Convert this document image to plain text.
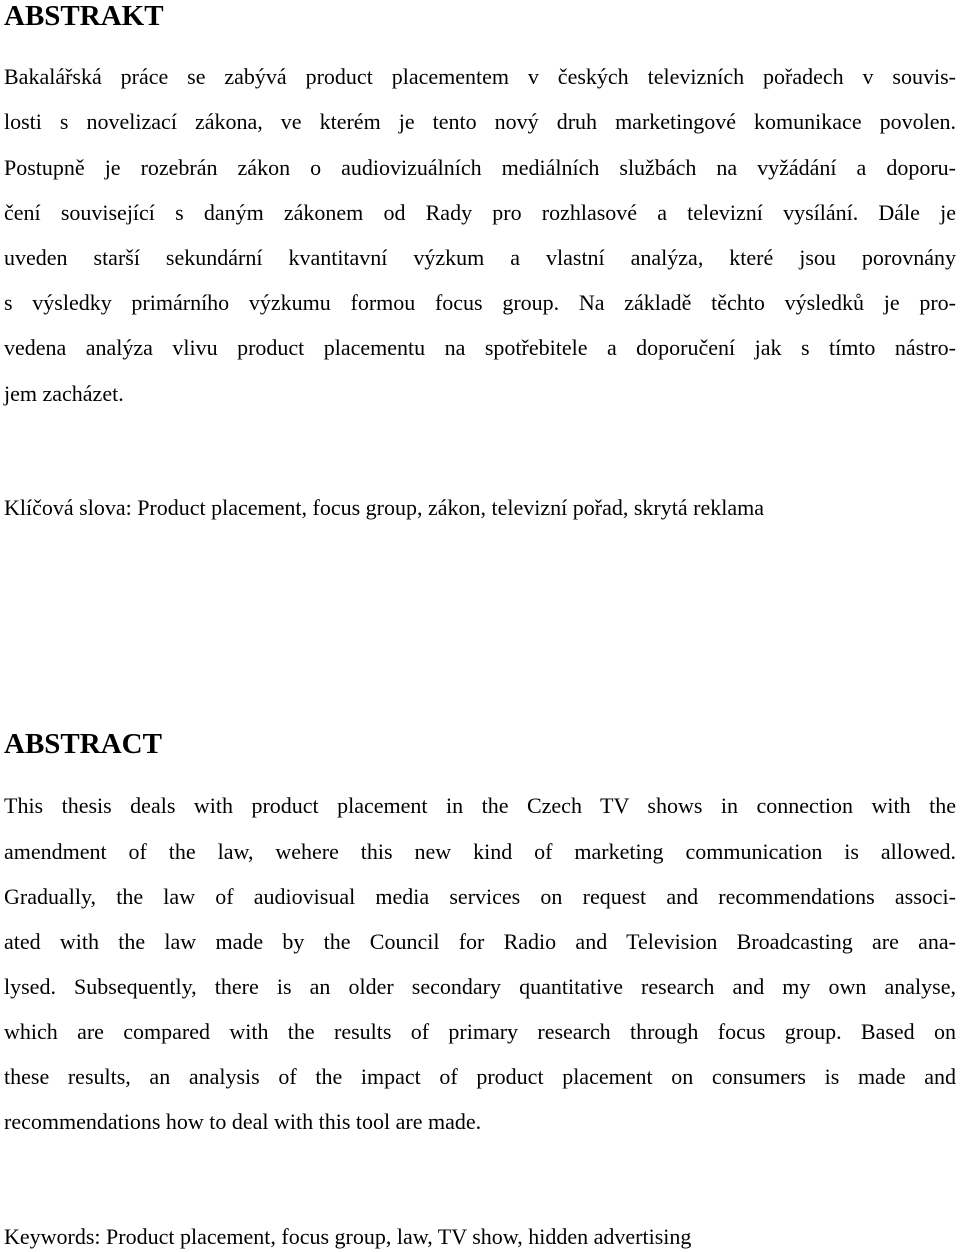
ABSTRAKT
Bakalářská práce se zabývá product placementem v českých televizních pořadech v souvis-
losti s novelizací zákona, ve kterém je tento nový druh marketingové komunikace povolen.
Postupně je rozebrán zákon o audiovizuálních mediálních službách na vyžádání a doporu-
čení související s daným zákonem od Rady pro rozhlasové a televizní vysílání. Dále je
uveden starší sekundární kvantitavní výzkum a vlastní analýza, které jsou porovnány
s výsledky primárního výzkumu formou focus group. Na základě těchto výsledků je pro-
vedena analýza vlivu product placementu na spotřebitele a doporučení jak s tímto nástro-
jem zacházet.
Klíčová slova: Product placement, focus group, zákon, televizní pořad, skrytá reklama
ABSTRACT
This thesis deals with product placement in the Czech TV shows in connection with the
amendment of the law, wehere this new kind of marketing communication is allowed.
Gradually, the law of audiovisual media services on request and recommendations associ-
ated with the law made by the Council for Radio and Television Broadcasting are ana-
lysed. Subsequently, there is an older secondary quantitative research and my own analyse,
which are compared with the results of primary research through focus group. Based on
these results, an analysis of the impact of product placement on consumers is made and
recommendations how to deal with this tool are made.
Keywords: Product placement, focus group, law, TV show, hidden advertising
